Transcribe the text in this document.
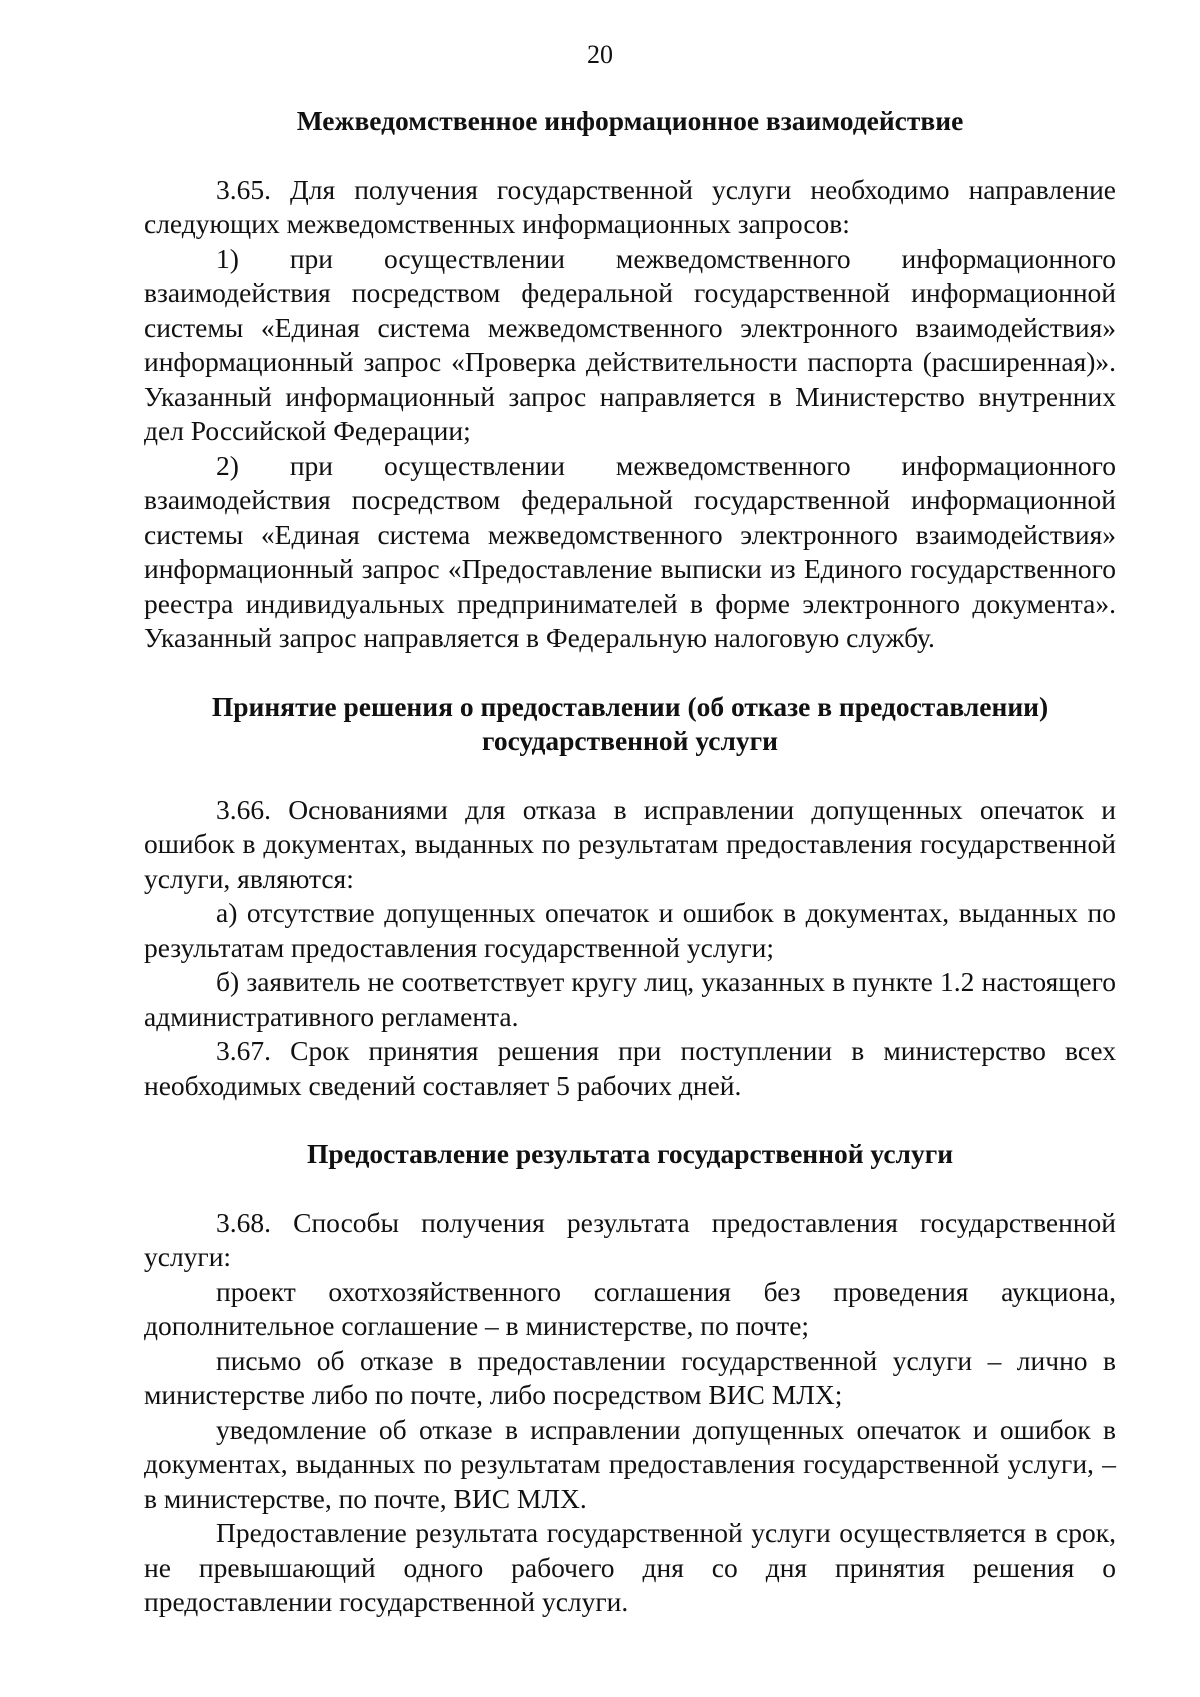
20
Межведомственное информационное взаимодействие

3.65. Для получения государственной услуги необходимо направление следующих межведомственных информационных запросов:

1) при осуществлении межведомственного информационного взаимодействия посредством федеральной государственной информационной системы «Единая система межведомственного электронного взаимодействия» информационный запрос «Проверка действительности паспорта (расширенная)». Указанный информационный запрос направляется в Министерство внутренних дел Российской Федерации;

2) при осуществлении межведомственного информационного взаимодействия посредством федеральной государственной информационной системы «Единая система межведомственного электронного взаимодействия» информационный запрос «Предоставление выписки из Единого государственного реестра индивидуальных предпринимателей в форме электронного документа». Указанный запрос направляется в Федеральную налоговую службу.

Принятие решения о предоставлении (об отказе в предоставлении)
государственной услуги

3.66. Основаниями для отказа в исправлении допущенных опечаток и ошибок в документах, выданных по результатам предоставления государственной услуги, являются:

а) отсутствие допущенных опечаток и ошибок в документах, выданных по результатам предоставления государственной услуги;

б) заявитель не соответствует кругу лиц, указанных в пункте 1.2 настоящего административного регламента.

3.67. Срок принятия решения при поступлении в министерство всех необходимых сведений составляет 5 рабочих дней.

Предоставление результата государственной услуги

3.68. Способы получения результата предоставления государственной услуги:

проект охотхозяйственного соглашения без проведения аукциона, дополнительное соглашение – в министерстве, по почте;

письмо об отказе в предоставлении государственной услуги – лично в министерстве либо по почте, либо посредством ВИС МЛХ;

уведомление об отказе в исправлении допущенных опечаток и ошибок в документах, выданных по результатам предоставления государственной услуги, – в министерстве, по почте, ВИС МЛХ.

Предоставление результата государственной услуги осуществляется в срок, не превышающий одного рабочего дня со дня принятия решения о предоставлении государственной услуги.
